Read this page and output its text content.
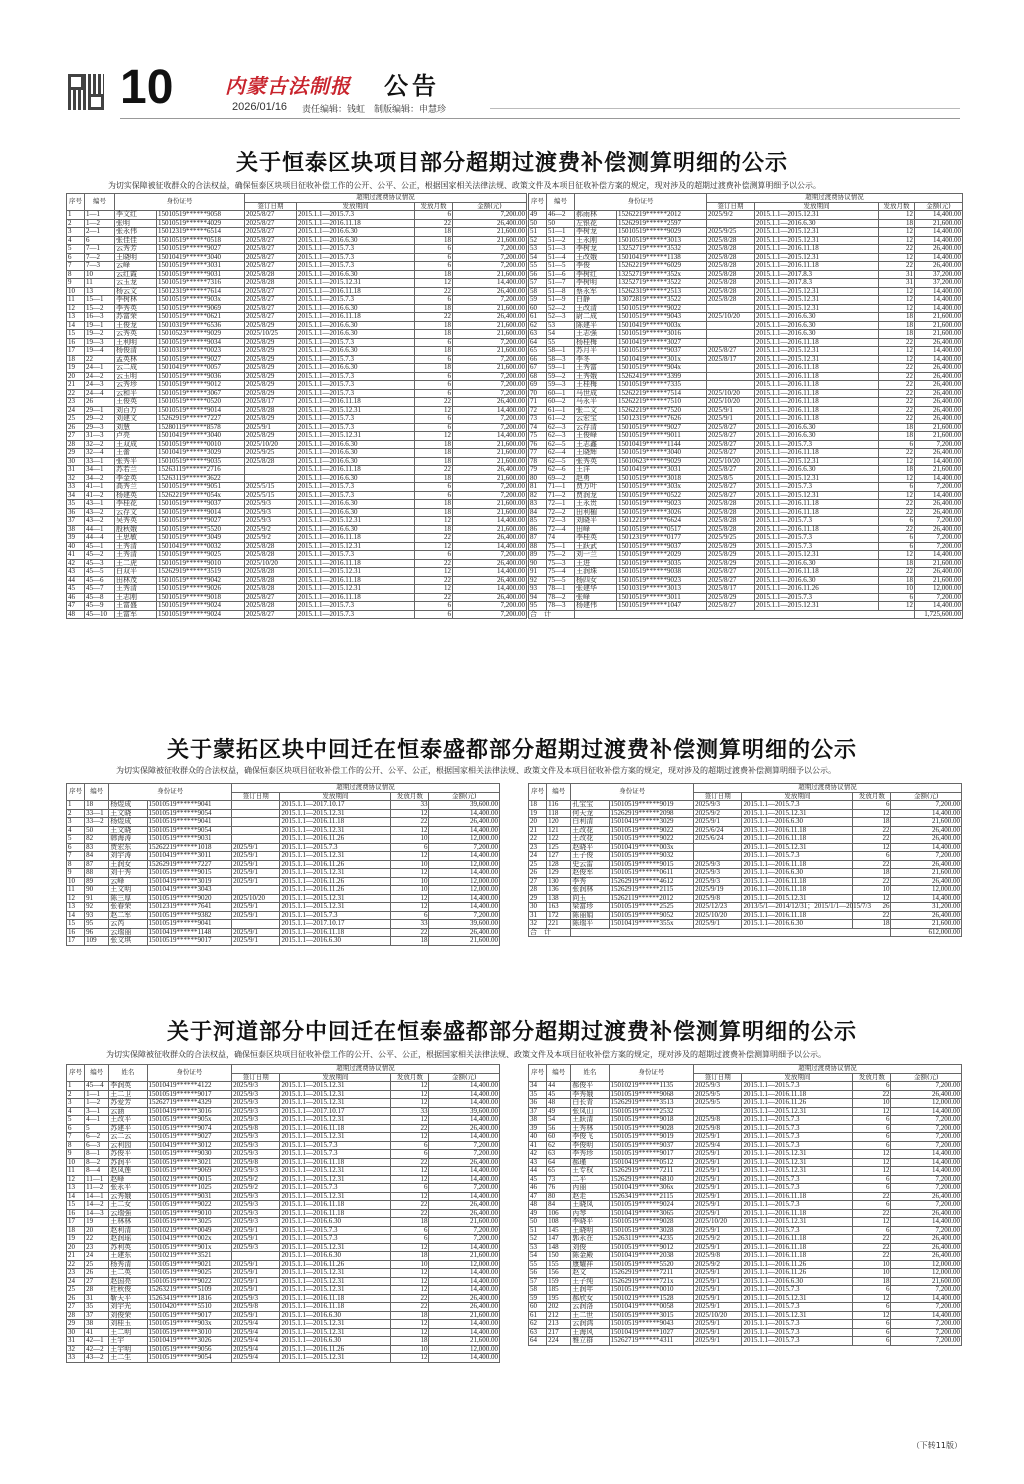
10	内蒙古法制报 公告
2026/01/16 责任编辑：钱虹　制版编辑：申慧珍
关于恒泰区块项目部分超期过渡费补偿测算明细的公示
为切实保障被征收群众的合法权益，确保恒泰区块项目征收补偿工作的公开、公平、公正，根据国家相关法律法规、政策文件及本项目征收补偿方案的规定，现对涉及的超期过渡费补偿测算明细予以公示。
序号	编号	身份证号		超期过渡费协议情况			
				签订日期	发放期间	发放月数	金额(元)
1	1—1	李文红	15010519******9058	2025/8/27	2015.1.1—2015.7.3	6	7,200.00
2	1—2	张明	15010519******4029	2025/8/27	2015.1.1—2016.11.18	22	26,400.00
3	2—1	张永伟	15012319******6514	2025/8/27	2015.1.1—2016.6.30	18	21,600.00
4	6	张佳佳	15010519******0518	2025/8/27	2015.1.1—2016.6.30	18	21,600.00
5	7—1	云秀芳	15010519******9027	2025/8/27	2015.1.1—2015.7.3	6	7,200.00
6	7—2	王晓明	15010419******3040	2025/8/27	2015.1.1—2015.7.3	6	7,200.00
7	7—3	云峰	15010519******3031	2025/8/27	2015.1.1—2015.7.3	6	7,200.00
8	10	云红霞	15010519******9031	2025/8/28	2015.1.1—2016.6.30	18	21,600.00
9	11	云玉龙	15010519******7316	2025/8/28	2015.1.1—2015.12.31	12	14,400.00
10	13	杨云文	15012319******7614	2025/8/27	2015.1.1—2016.11.18	22	26,400.00
11	15—1	李树林	15010519******903x	2025/8/27	2015.1.1—2015.7.3	6	7,200.00
12	15—2	李秀英	15010519******9069	2025/8/27	2015.1.1—2016.6.30	18	21,600.00
13	16—3	苏富荣	15010519******0621	2025/8/27	2015.1.1—2016.11.18	22	26,400.00
14	19—1	王俊龙	15010319******6536	2025/8/29	2015.1.1—2016.6.30	18	21,600.00
15	19—2	云秀英	15010523******9029	2025/10/25	2015.1.1—2016.6.30	18	21,600.00
16	19—3	王利明	15010519******9034	2025/8/29	2015.1.1—2015.7.3	6	7,200.00
17	19—4	杨俊清	15010319******0023	2025/8/29	2015.1.1—2016.6.30	18	21,600.00
18	22	孟英林	15010519******9027	2025/8/29	2015.1.1—2015.7.3	6	7,200.00
19	24—1	云二成	15010419******0057	2025/8/29	2015.1.1—2016.6.30	18	21,600.00
20	24—2	云玉明	15010519******9036	2025/8/29	2015.1.1—2015.7.3	6	7,200.00
21	24—3	云秀珍	15010519******9012	2025/8/29	2015.1.1—2015.7.3	6	7,200.00
22	24—4	云和平	15010519******3067	2025/8/29	2015.1.1—2015.7.3	6	7,200.00
23	26	王俊英	15010519******0520	2025/8/17	2015.1.1—2016.11.18	22	26,400.00
24	29—1	刘百万	15010519******9014	2025/8/28	2015.1.1—2015.12.31	12	14,400.00
25	29—2	刘建文	15262919******7227	2025/8/29	2015.1.1—2015.7.3	6	7,200.00
26	29—3	刘慧	15280119******8578	2025/9/1	2015.1.1—2015.7.3	6	7,200.00
27	31—3	卢亮	15010419******3040	2025/8/29	2015.1.1—2015.12.31	12	14,400.00
28	32—2	王双成	15010519******0010	2025/10/20	2015.1.1—2016.6.30	18	21,600.00
29	32—4	王蕾	15010419******3029	2025/9/25	2015.1.1—2016.6.30	18	21,600.00
30	33—1	张秀平	15010519******9035	2025/8/28	2015.1.1—2016.6.30	18	21,600.00
31	34—1	苏若兰	15263119******2716		2015.1.1—2016.11.18	22	26,400.00
32	34—2	李金英	15263119******3622		2015.1.1—2016.6.30	18	21,600.00
33	41—1	高秀兰	15010519******9051	2025/5/15	2015.1.1—2015.7.3	6	7,200.00
34	41—2	杨建英	15262219******054x	2025/5/15	2015.1.1—2015.7.3	6	7,200.00
35	43—1	李桂花	15010519******9037	2025/9/3	2015.1.1—2016.6.30	18	21,600.00
36	43—2	云存文	15010519******9014	2025/9/3	2015.1.1—2016.6.30	18	21,600.00
37	43—2	吴秀英	15010519******9027	2025/9/3	2015.1.1—2015.12.31	12	14,400.00
38	44—1	殷秋娥	15010519******5520	2025/9/2	2015.1.1—2016.6.30	18	21,600.00
39	44—4	王思敏	15010519******3049	2025/9/2	2015.1.1—2016.11.18	22	26,400.00
40	45—1	王秀清	15010419******0032	2025/8/28	2015.1.1—2015.12.31	12	14,400.00
41	45—2	王秀清	15010519******9025	2025/8/28	2015.1.1—2015.7.3	6	7,200.00
42	45—3	王二虎	15010519******9010	2025/10/20	2015.1.1—2016.11.18	22	26,400.00
43	45—5	白双平	15262919******3519	2025/8/28	2015.1.1—2015.12.31	12	14,400.00
44	45—6	田林茂	15010519******9042	2025/8/28	2015.1.1—2016.11.18	22	26,400.00
45	45—7	王秀清	15010519******9026	2025/8/28	2015.1.1—2015.12.31	12	14,400.00
46	45—8	王志刚	15010519******9018	2025/8/27	2015.1.1—2016.11.18	22	26,400.00
47	45—9	王富盛	15010519******9024	2025/8/28	2015.1.1—2015.7.3	6	7,200.00
48	45—10	王富军	15010519******9024	2025/8/27	2015.1.1—2015.7.3	6	7,200.00
序号	编号	身份证号		超期过渡费协议情况			
				签订日期	发放期间	发放月数	金额(元)
49	46—2	郝雨林	15262219******2012	2025/9/2	2015.1.1—2015.12.31	12	14,400.00
50	50	左银花	15262919******2597		2015.1.1—2016.6.30	18	21,600.00
51	51—1	李树龙	15010519******9029	2025/9/25	2015.1.1—2015.12.31	12	14,400.00
52	51—2	王永刚	15010519******3013	2025/8/28	2015.1.1—2015.12.31	12	14,400.00
53	51—3	李树龙	13252719******3532	2025/8/28	2015.1.1—2016.11.18	22	26,400.00
54	51—4	王改娥	15010419******1138	2025/8/28	2015.1.1—2015.12.31	12	14,400.00
55	51—5	李俊	15262219******6029	2025/8/28	2015.1.1—2016.11.18	22	26,400.00
56	51—6	李树红	13252719******352x	2025/8/28	2015.1.1—2017.8.3	31	37,200.00
57	51—7	李树明	13252719******3522	2025/8/28	2015.1.1—2017.8.3	31	37,200.00
58	51—8	蔡永军	15262319******2513	2025/8/28	2015.1.1—2015.12.31	12	14,400.00
59	51—9	白静	13072819******3522	2025/8/28	2015.1.1—2015.12.31	12	14,400.00
60	52—2	王改清	15010519******9022		2015.1.1—2015.12.31	12	14,400.00
61	52—3	尉二成	15010519******9043	2025/10/20	2015.1.1—2016.6.30	18	21,600.00
62	53	陈建平	15010419******003x		2015.1.1—2016.6.30	18	21,600.00
63	54	王志强	15010519******3016		2015.1.1—2016.6.30	18	21,600.00
64	55	杨桂梅	15010419******3027		2015.1.1—2016.11.18	22	26,400.00
65	58—1	苏月平	15010519******9037	2025/8/27	2015.1.1—2015.12.31	12	14,400.00
66	58—3	李冬	15010419******301x	2025/8/17	2015.1.1—2015.12.31	12	14,400.00
67	59—1	王秀富	15010519******904x		2015.1.1—2016.11.18	22	26,400.00
68	59—2	王秀娥	15262419******3399		2015.1.1—2016.11.18	22	26,400.00
69	59—3	王桂梅	15010519******7335		2015.1.1—2016.11.18	22	26,400.00
70	60—1	马世成	15262219******7514	2025/10/20	2015.1.1—2016.11.18	22	26,400.00
71	60—2	马永平	15262219******7510	2025/10/20	2015.1.1—2016.11.18	22	26,400.00
72	61—1	张二文	15262219******7520	2025/9/1	2015.1.1—2016.11.18	22	26,400.00
73	61—2	云宏宝	15012319******7626	2025/9/1	2015.1.1—2016.11.18	22	26,400.00
74	62—3	云存清	15010519******9027	2025/8/27	2015.1.1—2016.6.30	18	21,600.00
75	62—3	王俊峰	15010519******9011	2025/8/27	2015.1.1—2016.6.30	18	21,600.00
76	62—5	王志鑫	15010419******1144	2025/8/27	2015.1.1—2015.7.3	6	7,200.00
77	62—4	王晓辉	15010519******3040	2025/8/27	2015.1.1—2016.11.18	22	26,400.00
78	62—5	张秀英	15010623******9029	2025/10/20	2015.1.1—2015.12.31	12	14,400.00
79	62—6	王洋	15010419******3031	2025/8/27	2015.1.1—2016.6.30	18	21,600.00
80	69—2	赵勇	15010519******3018	2025/8/5	2015.1.1—2015.12.31	12	14,400.00
81	71—1	贾万叶	15010519******303x	2025/8/27	2015.1.1—2015.7.3	6	7,200.00
82	71—2	贾润龙	15010519******0522	2025/8/27	2015.1.1—2015.12.31	12	14,400.00
83	72—1	王永贵	15010519******9023	2025/8/28	2015.1.1—2016.11.18	22	26,400.00
84	72—2	田利楣	15010519******3026	2025/8/28	2015.1.1—2016.11.18	22	26,400.00
85	72—3	刘晓平	15012219******6624	2025/8/28	2015.1.1—2015.7.3	6	7,200.00
86	72—4	田峰	15010519******0517	2025/8/28	2015.1.1—2016.11.18	22	26,400.00
87	74	李桂英	15012319******0177	2025/9/25	2015.1.1—2015.7.3	6	7,200.00
88	75—1	王跃武	15010519******9037	2025/8/29	2015.1.1—2015.7.3	6	7,200.00
89	75—2	刘一兰	15010519******2029	2025/8/29	2015.1.1—2015.12.31	12	14,400.00
90	75—3	王进	15010519******3035	2025/8/29	2015.1.1—2016.6.30	18	21,600.00
91	75—4	王润珠	15010519******9038	2025/8/27	2015.1.1—2016.11.18	22	26,400.00
92	75—5	杨四女	15010519******9023	2025/8/27	2015.1.1—2016.6.30	18	21,600.00
93	78—1	张建华	15010319******3013	2025/8/17	2015.1.1—2016.11.26	10	12,000.00
94	78—2	张峰	15010519******3011	2025/8/29	2015.1.1—2015.7.3	6	7,200.00
95	78—3	杨建伟	15010519******1047	2025/8/27	2015.1.1—2015.12.31	12	14,400.00
合　计							1,725,600.00
关于蒙拓区块中回迁在恒泰盛都部分超期过渡费补偿测算明细的公示
为切实保障被征收群众的合法权益，确保恒泰区块项目征收补偿工作的公开、公平、公正，根据国家相关法律法规、政策文件及本项目征收补偿方案的规定，现对涉及的超期过渡费补偿测算明细予以公示。
序号	编号	身份证号		超期过渡费协议情况			
				签订日期	发放期间	发放月数	金额(元)
1	18	杨煜成	15010519******9041		2015.1.1—2017.10.17	33	39,600.00
2	33—1	王文晓	15010519******9054		2015.1.1—2015.12.31	12	14,400.00
3	33—2	杨煜成	15010519******9041		2015.1.1—2016.11.18	22	26,400.00
4	50	王文晓	15010519******9054		2015.1.1—2015.12.31	12	14,400.00
5	82	韩海涛	15010519******9031		2015.1.1—2016.11.26	10	12,000.00
6	83	贾宏东	15262219******1018	2025/9/1	2015.1.1—2015.7.3	6	7,200.00
7	84	刘宇涛	15010419******3011	2025/9/1	2015.1.1—2015.12.31	12	14,400.00
8	87	王润女	15262919******7227	2025/9/1	2015.1.1—2016.11.26	10	12,000.00
9	88	刘干秀	15010519******9015	2025/9/1	2015.1.1—2015.12.31	12	14,400.00
10	89	云峰	15010419******3019	2025/9/1	2015.1.1—2016.11.26	10	12,000.00
11	90	王文明	15010419******3043		2015.1.1—2016.11.26	10	12,000.00
12	91	陈三厚	15010519******9020	2025/10/20	2015.1.1—2015.12.31	12	14,400.00
13	92	张春荣	15012319******7641	2025/9/1	2015.1.1—2015.12.31	12	14,400.00
14	93	赵二军	15010519******9382	2025/9/1	2015.1.1—2015.7.3	6	7,200.00
15	95	云芮	15010519******9041		2015.1.1—2017.10.17	33	39,600.00
16	96	云瑞丽	15010419******1148	2025/9/1	2015.1.1—2016.11.18	22	26,400.00
17	109	张文琪	15010519******9017	2025/9/1	2015.1.1—2016.6.30	18	21,600.00
序号	编号	身份证号		超期过渡费协议情况			
				签订日期	发放期间	发放月数	金额(元)
18	116	孔宝宝	15010519******9019	2025/9/3	2015.1.1—2015.7.3	6	7,200.00
19	118	何天龙	15262919******2098	2025/9/2	2015.1.1—2015.12.31	12	14,400.00
20	120	白利清	15010419******3029	2025/9/1	2015.1.1—2016.6.30	18	21,600.00
21	121	王改花	15010519******9022	2025/6/24	2015.1.1—2016.11.18	22	26,400.00
22	122	王改花	15010519******9022	2025/6/24	2015.1.1—2016.11.18	22	26,400.00
23	125	赵晓平	15010419******003x		2015.1.1—2015.12.31	12	14,400.00
24	127	王子俊	15010519******9032		2015.1.1—2015.7.3	6	7,200.00
25	128	史云雷	15010519******9015	2025/9/3	2015.1.1—2016.11.18	22	26,400.00
26	129	赵俊军	15010519******0611	2025/9/3	2015.1.1—2016.6.30	18	21,600.00
27	130	李秀	15262919******4612	2025/9/3	2015.1.1—2016.11.18	22	26,400.00
28	136	张润林	15262919******2115	2025/9/19	2016.1.1—2016.11.18	10	12,000.00
29	138	向玉	15262119******2012	2025/9/8	2015.1.1—2015.12.31	12	14,400.00
30	163	梁富珍	15010519******2525	2025/12/23	2013/5/1—2014/12/31；2015/1/1—2015/7/3	26	31,200.00
31	172	陈丽娟	15010519******9052	2025/10/20	2015.1.1—2016.11.18	22	26,400.00
32	221	陈瑞平	15010419******355x	2025/9/1	2015.1.1—2016.6.30	18	21,600.00
合　计							612,000.00
关于河道部分中回迁在恒泰盛都部分超期过渡费补偿测算明细的公示
为切实保障被征收群众的合法权益，确保恒泰区块项目征收补偿工作的公开、公平、公正，根据国家相关法律法规、政策文件及本项目征收补偿方案的规定，现对涉及的超期过渡费补偿测算明细予以公示。
序号	编号	姓名	身份证号	超期过渡费协议情况			
				签订日期	发放期间	发放月数	金额(元)
1	45—4	李润英	15010419******4122	2025/9/3	2015.1.1—2015.12.31	12	14,400.00
2	1—1	王二卫	15010519******9017	2025/9/3	2015.1.1—2015.12.31	12	14,400.00
3	1—2	苏爱芳	15262719******4329	2025/9/3	2015.1.1—2015.12.31	12	14,400.00
4	3—1	云涵	15010419******3016	2025/9/3	2015.1.1—2017.10.17	33	39,600.00
5	4—1	王改平	15010519******905x	2025/9/3	2015.1.1—2015.12.31	12	14,400.00
6	5	苏建平	15010519******9074	2025/9/8	2015.1.1—2016.11.18	22	26,400.00
7	6—2	云二云	15010519******9027	2025/9/3	2015.1.1—2015.12.31	12	14,400.00
8	6—3	云利园	15010419******3012	2025/9/3	2015.1.1—2015.7.3	6	7,200.00
9	8—1	苏俊平	15010519******9030	2025/9/3	2015.1.1—2015.7.3	6	7,200.00
10	8—2	苏润平	15010519******3021	2025/9/8	2015.1.1—2016.11.18	22	26,400.00
11	8—4	赵凤莲	15010519******9069	2025/9/3	2015.1.1—2015.12.31	12	14,400.00
12	11—1	赵峰	15010219******0015	2025/9/2	2015.1.1—2015.12.31	12	14,400.00
13	11—2	张永平	15010519******1025	2025/9/2	2015.1.1—2015.7.3	6	7,200.00
14	14—1	云秀娥	15010519******9031	2025/9/3	2015.1.1—2015.12.31	12	14,400.00
15	14—2	王二女	15010519******9022	2025/9/3	2015.1.1—2016.11.18	22	26,400.00
16	14—3	云瑞强	15010519******9010	2025/9/3	2015.1.1—2016.11.18	22	26,400.00
17	19	王林林	15010519******3025	2025/9/3	2015.1.1—2016.6.30	18	21,600.00
18	20	赵利清	15010219******0049	2025/9/1	2015.1.1—2015.7.3	6	7,200.00
19	22	赵润瑶	15010419******002x	2025/9/1	2015.1.1—2015.7.3	6	7,200.00
20	23	苏利英	15010519******901x	2025/9/3	2015.1.1—2015.12.31	12	14,400.00
21	24	王建东	15010219******3521		2015.1.1—2016.6.30	18	21,600.00
22	25	杨秀清	15010519******9021	2025/9/1	2015.1.1—2016.11.26	10	12,000.00
23	26	王二英	15010519******9025	2025/9/1	2015.1.1—2015.12.31	12	14,400.00
24	27	赵国亮	15010519******9022	2025/9/1	2015.1.1—2015.12.31	12	14,400.00
25	28	杜秋俊	15263219******5109	2025/9/1	2015.1.1—2015.12.31	12	14,400.00
26	31	靳天平	15263419******1816	2025/9/3	2015.1.1—2016.11.18	22	26,400.00
27	35	刘宇光	15010420******5510	2025/9/8	2015.1.1—2016.11.18	22	26,400.00
28	37	刘俊荣	15010519******9017	2025/9/1	2015.1.1—2016.6.30	18	21,600.00
29	38	刘桂玉	15010519******903x	2025/9/4	2015.1.1—2015.12.31	12	14,400.00
30	41	王二明	15010519******3010	2025/9/4	2015.1.1—2015.12.31	12	14,400.00
31	42—1	王宇	15010419******3026	2025/9/4	2015.1.1—2016.6.30	18	21,600.00
32	42—2	王宇明	15010519******9056	2025/9/4	2015.1.1—2016.11.26	10	12,000.00
33	43—2	王二生	15010519******9054	2025/9/4	2015.1.1—2015.12.31	12	14,400.00
序号	编号	姓名	身份证号	超期过渡费协议情况			
				签订日期	发放期间	发放月数	金额(元)
34	44	郝俊平	15010219******1135	2025/9/3	2015.1.1—2015.7.3	6	7,200.00
35	45	李秀娥	15010519******9068	2025/9/5	2015.1.1—2016.11.18	22	26,400.00
36	48	白长青	15262919******3513	2025/9/5	2015.1.1—2016.11.26	10	12,000.00
37	49	张凤山	15010519******2532		2015.1.1—2015.12.31	12	14,400.00
38	54	王跃清	15010519******9018	2025/9/8	2015.1.1—2015.7.3	6	7,200.00
39	56	王秀林	15010519******9028	2025/9/8	2015.1.1—2015.7.3	6	7,200.00
40	60	李俊飞	15010519******9019	2025/9/1	2015.1.1—2015.7.3	6	7,200.00
41	62	李俊明	15010519******9037	2025/9/4	2015.1.1—2015.7.3	6	7,200.00
42	63	李秀珍	15010519******9017	2025/9/1	2015.1.1—2015.12.31	12	14,400.00
43	64	郝瑾	15010419******0512	2025/9/1	2015.1.1—2015.12.31	12	14,400.00
44	65	王专权	15262919******7211	2025/9/1	2015.1.1—2015.12.31	12	14,400.00
45	73	二平	15262919******6810	2025/9/1	2015.1.1—2015.7.3	6	7,200.00
46	76	丙丽	15010419******306x	2025/9/1	2015.1.1—2015.7.3	6	7,200.00
47	80	赵走	15263419******2115	2025/9/1	2015.1.1—2016.11.18	22	26,400.00
48	84	王晓凤	15010519******9024	2025/9/1	2015.1.1—2015.7.3	6	7,200.00
49	106	丙琴	15010419******3065	2025/9/1	2015.1.1—2016.11.18	22	26,400.00
50	108	李晓平	15010519******9028	2025/10/20	2015.1.1—2015.12.31	12	14,400.00
51	145	王晓明	15010519******3028	2025/9/1	2015.1.1—2015.7.3	6	7,200.00
52	147	郭永在	15263119******4235	2025/9/2	2015.1.1—2016.11.18	22	26,400.00
53	148	刘俊	15010519******9012	2025/9/1	2015.1.1—2016.11.18	22	26,400.00
54	150	陈金殿	15010419******2038	2025/9/8	2015.1.1—2016.11.18	22	26,400.00
55	155	康耀祥	15010519******5520	2025/9/2	2015.1.1—2016.11.26	10	12,000.00
56	156	赵文	15262919******7211	2025/9/1	2015.1.1—2016.11.26	10	12,000.00
57	159	王子纯	15262919******721x	2025/9/1	2015.1.1—2016.6.30	18	21,600.00
58	185	王润年	15010519******0010	2025/9/1	2015.1.1—2015.7.3	6	7,200.00
59	195	郝欣女	15010219******1528	2025/9/1	2015.1.1—2015.12.31	12	14,400.00
60	202	云润洛	15010419******0058	2025/9/1	2015.1.1—2015.7.3	6	7,200.00
61	212	王二世	15010519******3015	2025/10/20	2015.1.1—2015.12.31	12	14,400.00
62	213	云润鸿	15010519******9043	2025/9/1	2015.1.1—2015.7.3	6	7,200.00
63	217	王海风	15010419******1027	2025/9/1	2015.1.1—2015.7.3	6	7,200.00
64	224	雅立群	15262719******4311	2025/9/1	2015.1.1—2015.7.3	6	7,200.00
（下转11版）
